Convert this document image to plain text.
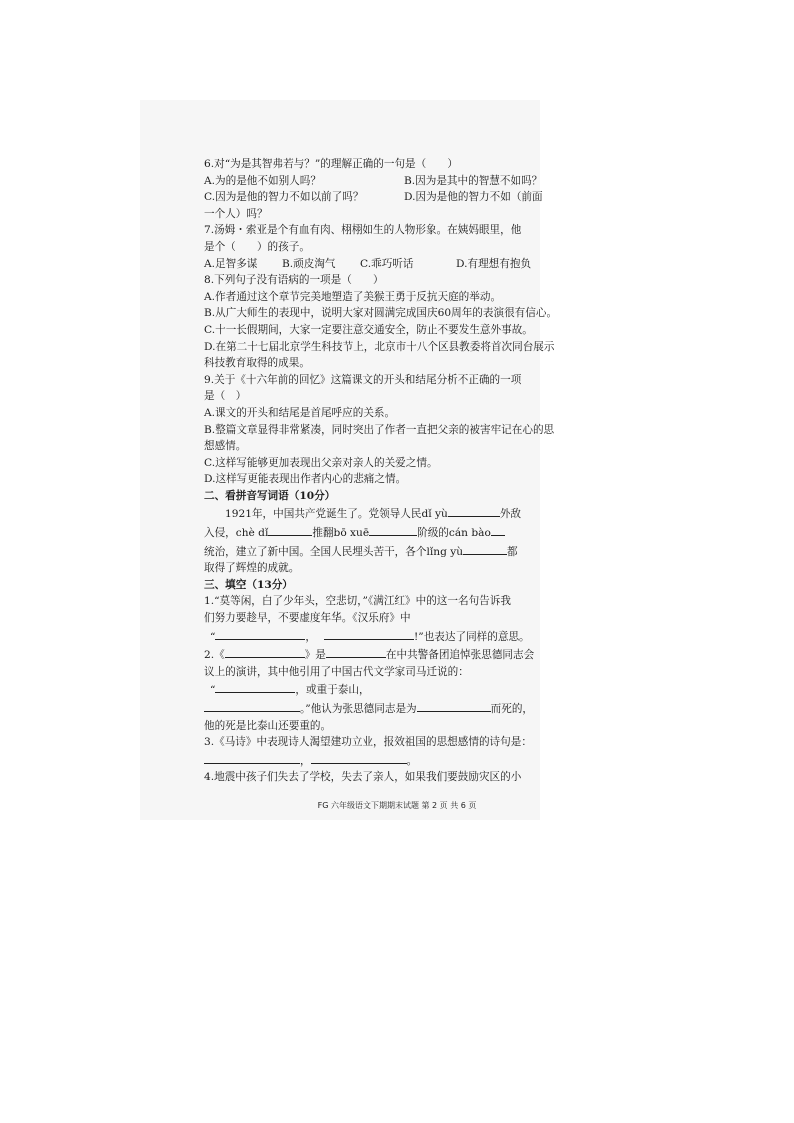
6.对“为是其智弗若与？”的理解正确的一句是（　　）
A.为的是他不如别人吗？	B.因为是其中的智慧不如吗？
C.因为是他的智力不如以前了吗？	D.因为是他的智力不如（前面
一个人）吗？
7.汤姆・索亚是个有血有肉、栩栩如生的人物形象。在姨妈眼里，他
是个（　　）的孩子。
A.足智多谋	B.顽皮淘气	C.乖巧听话	D.有理想有抱负
8.下列句子没有语病的一项是（　　）
A.作者通过这个章节完美地塑造了美猴王勇于反抗天庭的举动。
B.从广大师生的表现中，说明大家对圆满完成国庆60周年的表演很有信心。
C.十一长假期间，大家一定要注意交通安全，防止不要发生意外事故。
D.在第二十七届北京学生科技节上，北京市十八个区县教委将首次同台展示科技教育取得的成果。
9.关于《十六年前的回忆》这篇课文的开头和结尾分析不正确的一项
是（　）
A.课文的开头和结尾是首尾呼应的关系。
B.整篇文章显得非常紧凑，同时突出了作者一直把父亲的被害牢记在心的思想感情。
C.这样写能够更加表现出父亲对亲人的关爱之情。
D.这样写更能表现出作者内心的悲痛之情。
二、看拼音写词语（10分）
1921年，中国共产党诞生了。党领导人民dǐ yù	外敌
入侵，chè dǐ	推翻bō xuē	阶级的cán bào
统治，建立了新中国。全国人民埋头苦干，各个lǐng yù	都
取得了辉煌的成就。
三、填空（13分）
1.“莫等闲，白了少年头，空悲切，”《满江红》中的这一名句告诉我
们努力要趁早，不要虚度年华。《汉乐府》中
“	，	!”也表达了同样的意思。
2.《	》是	在中共警备团追悼张思德同志会
议上的演讲，其中他引用了中国古代文学家司马迁说的：
“	，或重于泰山，
。”他认为张思德同志是为	而死的，
他的死是比泰山还要重的。
3.《马诗》中表现诗人渴望建功立业，报效祖国的思想感情的诗句是：
，	。
4.地震中孩子们失去了学校，失去了亲人，如果我们要鼓励灾区的小
FG 六年级语文下期期末试题 第 2 页 共 6 页
